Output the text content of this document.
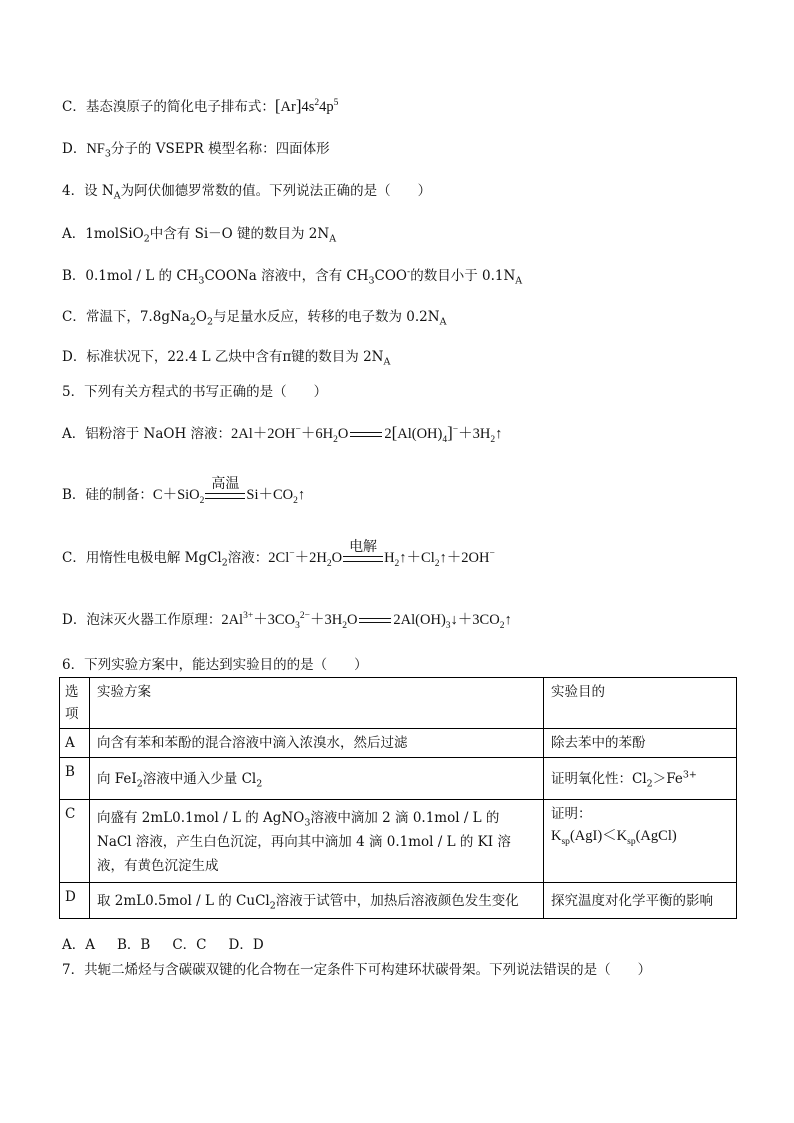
C．基态溴原子的简化电子排布式：$[Ar]4s^24p^5$
D．$NF_3$分子的 VSEPR 模型名称：四面体形
4．设 $N_A$为阿伏伽德罗常数的值。下列说法正确的是（　　）
A．1molSiO$_2$中含有 Si－O 键的数目为 $2N_A$
B．0.1mol / L 的 $CH_3COONa$ 溶液中，含有 $CH_3COO^-$的数目小于 $0.1N_A$
C．常温下，$7.8gNa_2O_2$与足量水反应，转移的电子数为 $0.2N_A$
D．标准状况下，22.4 L 乙炔中含有π键的数目为 $2N_A$
5．下列有关方程式的书写正确的是（　　）
A．铝粉溶于 NaOH 溶液：$2Al+2OH^-+6H_2O$ $2[Al(OH)_4]^-+3H_2↑$
B．硅的制备：C＋SiO$_2$
高温
$Si+CO_2↑$
C．用惰性电极电解 MgCl$_2$溶液：$2Cl^-+2H_2O$
电解
$H_2↑+Cl_2↑+2OH^-$
D．泡沫灭火器工作原理：$2Al^{3+}+3CO_3^{2-}+3H_2O$ $2Al(OH)_3↓+3CO_2↑$
6．下列实验方案中，能达到实验目的的是（　　）
选
项	实验方案	实验目的
A	向含有苯和苯酚的混合溶液中滴入浓溴水，然后过滤	除去苯中的苯酚
B	向 FeI$_2$溶液中通入少量 $Cl_2$	证明氧化性：$Cl_2>Fe^{3+}$
C	向盛有 2mL0.1mol / L 的 AgNO$_3$溶液中滴加 2 滴 0.1mol / L 的 NaCl 溶液，产生白色沉淀，再向其中滴加 4 滴 0.1mol / L 的 KI 溶液，有黄色沉淀生成	证明：
$K_{sp}(AgI)<K_{sp}(AgCl)$
D	取 2mL0.5mol / L 的 CuCl$_2$溶液于试管中，加热后溶液颜色发生变化	探究温度对化学平衡的影响
A．A B．B C．C D．D
7．共轭二烯烃与含碳碳双键的化合物在一定条件下可构建环状碳骨架。下列说法错误的是（　　）
